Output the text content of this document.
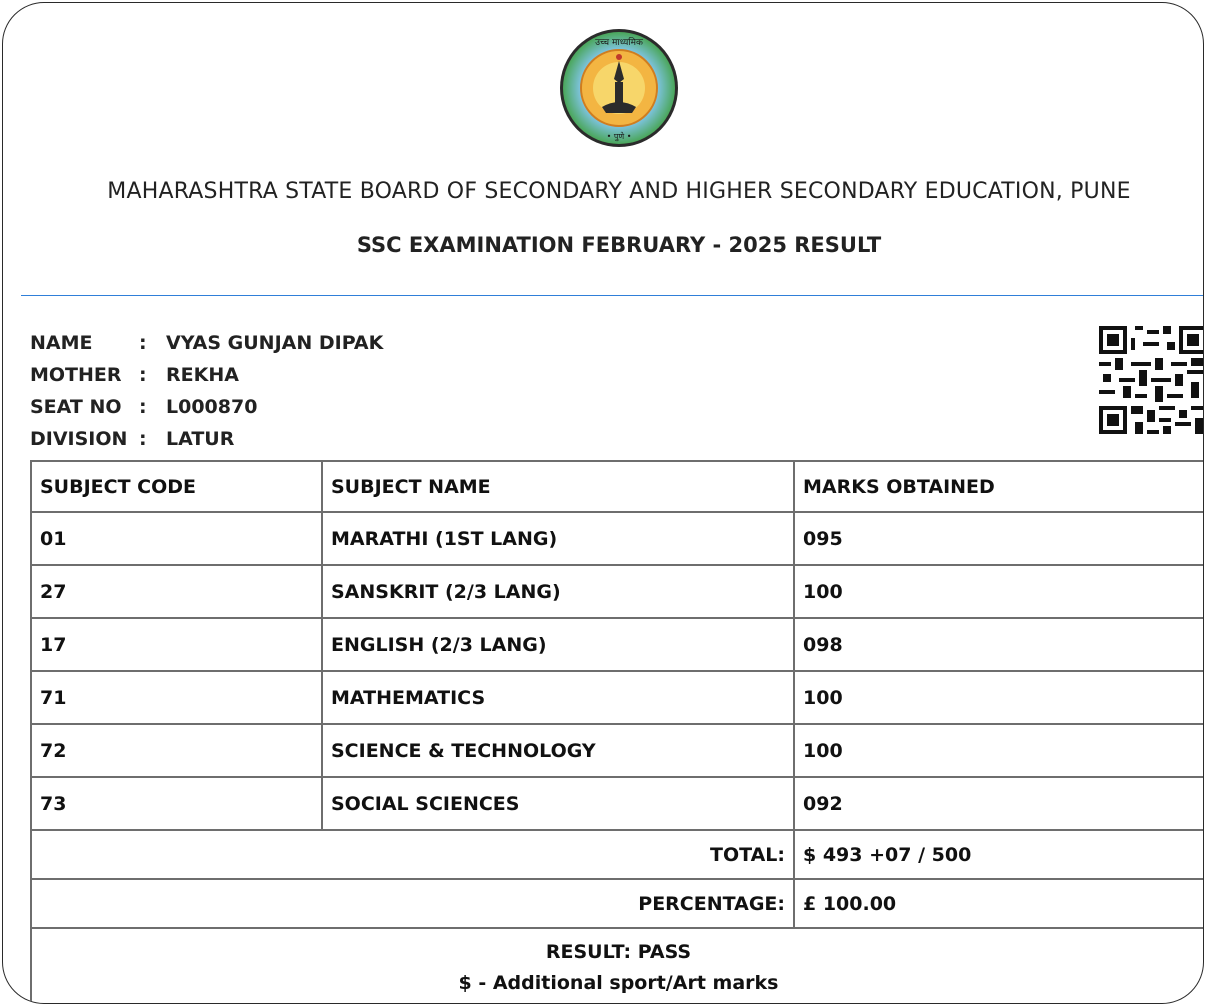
उच्च माध्यमिक
• पुणे •
MAHARASHTRA STATE BOARD OF SECONDARY AND HIGHER SECONDARY EDUCATION, PUNE
SSC EXAMINATION FEBRUARY - 2025 RESULT
NAME : VYAS GUNJAN DIPAK
MOTHER : REKHA
SEAT NO : L000870
DIVISION : LATUR
SUBJECT CODE	SUBJECT NAME	MARKS OBTAINED
01	MARATHI (1ST LANG)	095
27	SANSKRIT (2/3 LANG)	100
17	ENGLISH (2/3 LANG)	098
71	MATHEMATICS	100
72	SCIENCE & TECHNOLOGY	100
73	SOCIAL SCIENCES	092
TOTAL:		$ 493 +07 / 500
PERCENTAGE:		£ 100.00

RESULT: PASS
$ - Additional sport/Art marks		
